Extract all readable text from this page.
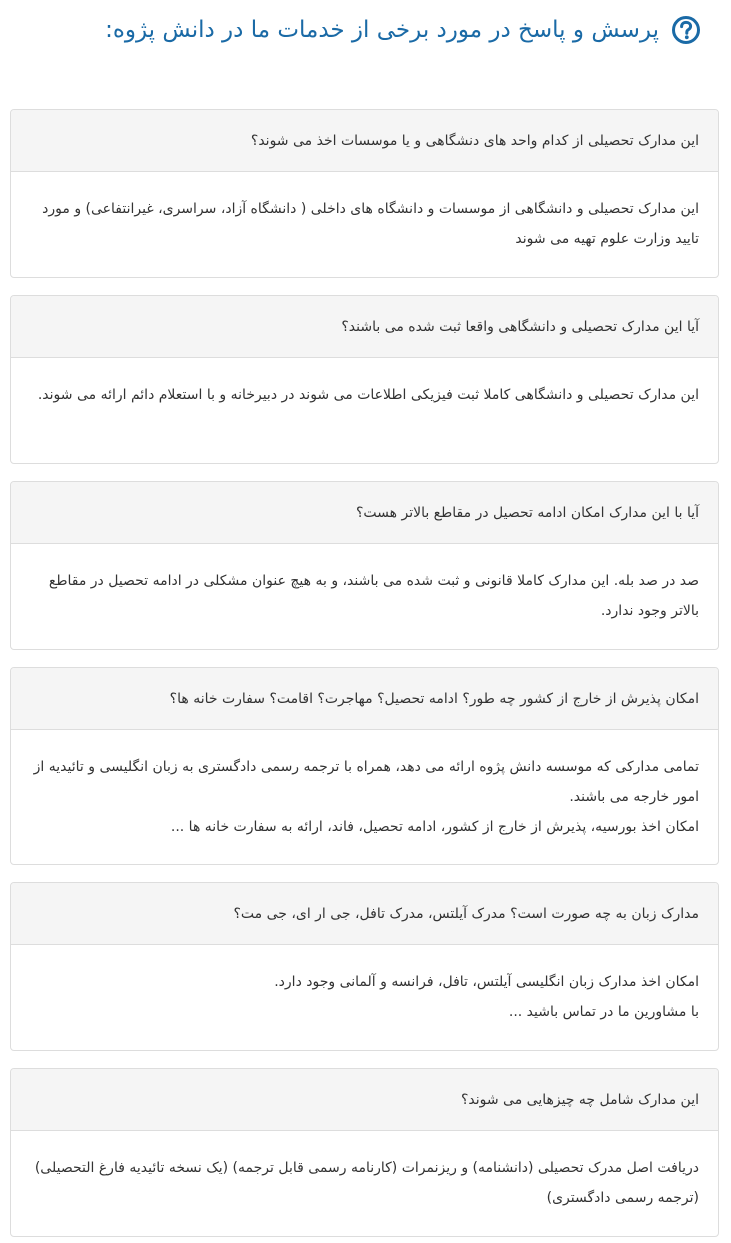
پرسش و پاسخ در مورد برخی از خدمات ما در دانش پژوه:
این مدارک تحصیلی از کدام واحد های دنشگاهی و یا موسسات اخذ می شوند؟

این مدارک تحصیلی و دانشگاهی از موسسات و دانشگاه های داخلی ( دانشگاه آزاد، سراسری، غیرانتفاعی) و مورد تایید وزارت علوم تهیه می شوند

آیا این مدارک تحصیلی و دانشگاهی واقعا ثبت شده می باشند؟

این مدارک تحصیلی و دانشگاهی کاملا ثبت فیزیکی اطلاعات می شوند در دبیرخانه و با استعلام دائم ارائه می شوند.

آیا با این مدارک امکان ادامه تحصیل در مقاطع بالاتر هست؟

صد در صد بله. این مدارک کاملا قانونی و ثبت شده می باشند، و به هیچ عنوان مشکلی در ادامه تحصیل در مقاطع بالاتر وجود ندارد.

امکان پذیرش از خارج از کشور چه طور؟ ادامه تحصیل؟ مهاجرت؟ اقامت؟ سفارت خانه ها؟

تمامی مدارکی که موسسه دانش پژوه ارائه می دهد، همراه با ترجمه رسمی دادگستری به زبان انگلیسی و تائیدیه از امور خارجه می باشند.

امکان اخذ بورسیه، پذیرش از خارج از کشور، ادامه تحصیل، فاند، ارائه به سفارت خانه ها ...

مدارک زبان به چه صورت است؟ مدرک آیلتس، مدرک تافل، جی ار ای، جی مت؟

امکان اخذ مدارک زبان انگلیسی آیلتس، تافل، فرانسه و آلمانی وجود دارد.

با مشاورین ما در تماس باشید ...

این مدارک شامل چه چیزهایی می شوند؟

دریافت اصل مدرک تحصیلی (دانشنامه) و ریزنمرات (کارنامه رسمی قابل ترجمه) (یک نسخه تائیدیه فارغ التحصیلی) (ترجمه رسمی دادگستری)
